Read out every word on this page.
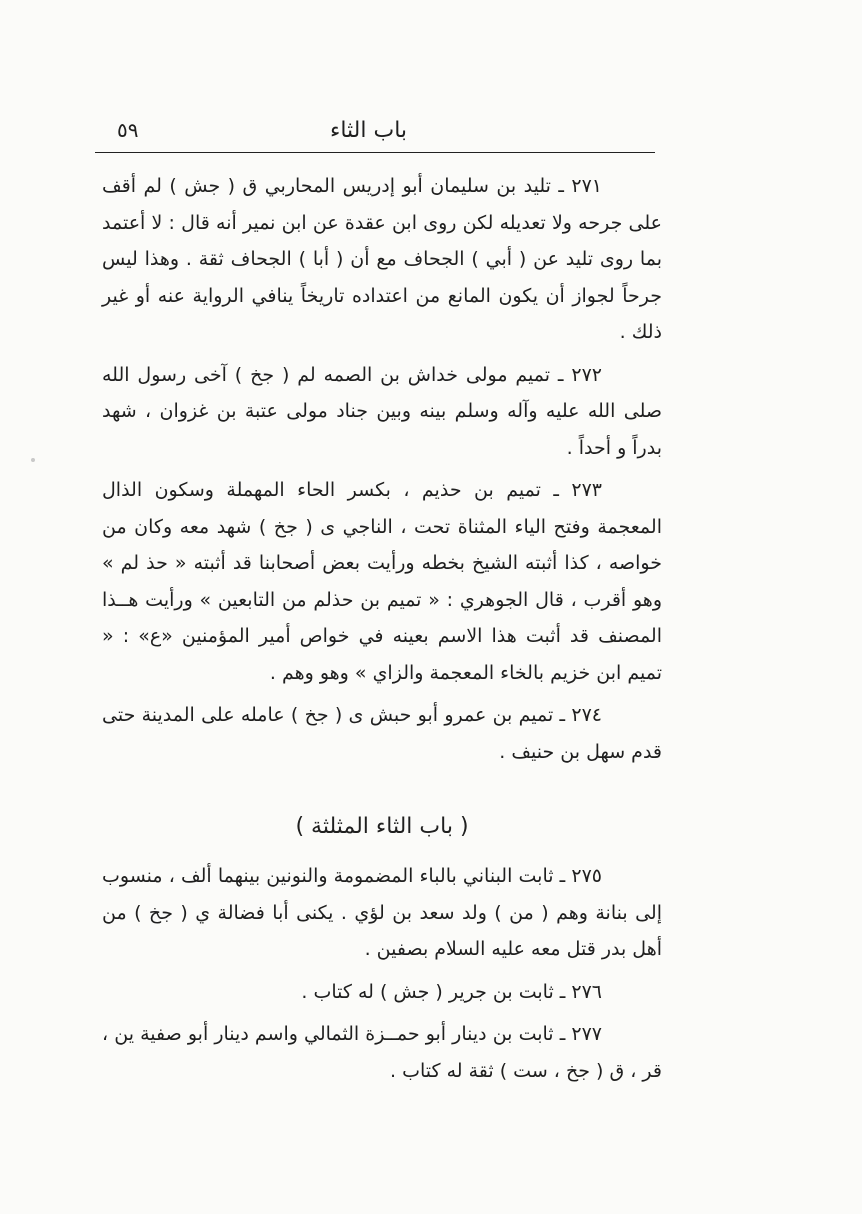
٥٩	باب الثاء

٢٧١ ـ تليد بن سليمان أبو إدريس المحاربي ق ( جش ) لم أقف على جرحه ولا تعديله لكن روى ابن عقدة عن ابن نمير أنه قال : لا أعتمد بما روى تليد عن ( أبي ) الجحاف مع أن ( أبا ) الجحاف ثقة . وهذا ليس جرحاً لجواز أن يكون المانع من اعتداده تاريخاً ينافي الرواية عنه أو غير ذلك .

٢٧٢ ـ تميم مولى خداش بن الصمه لم ( جخ ) آخى رسول الله صلى الله عليه وآله وسلم بينه وبين جناد مولى عتبة بن غزوان ، شهد بدراً و أحداً .

٢٧٣ ـ تميم بن حذيم ، بكسر الحاء المهملة وسكون الذال المعجمة وفتح الياء المثناة تحت ، الناجي ى ( جخ ) شهد معه وكان من خواصه ، كذا أثبته الشيخ بخطه ورأيت بعض أصحابنا قد أثبته « حذ لم » وهو أقرب ، قال الجوهري : « تميم بن حذلم من التابعين » ورأيت هــذا المصنف قد أثبت هذا الاسم بعينه في خواص أمير المؤمنين «ع» : « تميم ابن خزيم بالخاء المعجمة والزاي » وهو وهم .

٢٧٤ ـ تميم بن عمرو أبو حبش ى ( جخ ) عامله على المدينة حتى قدم سهل بن حنيف .

( باب الثاء المثلثة )

٢٧٥ ـ ثابت البناني بالباء المضمومة والنونين بينهما ألف ، منسوب إلى بنانة وهم ( من ) ولد سعد بن لؤي . يكنى أبا فضالة ي ( جخ ) من أهل بدر قتل معه عليه السلام بصفين .

٢٧٦ ـ ثابت بن جرير ( جش ) له كتاب .

٢٧٧ ـ ثابت بن دينار أبو حمــزة الثمالي واسم دينار أبو صفية ين ، قر ، ق ( جخ ، ست ) ثقة له كتاب .
